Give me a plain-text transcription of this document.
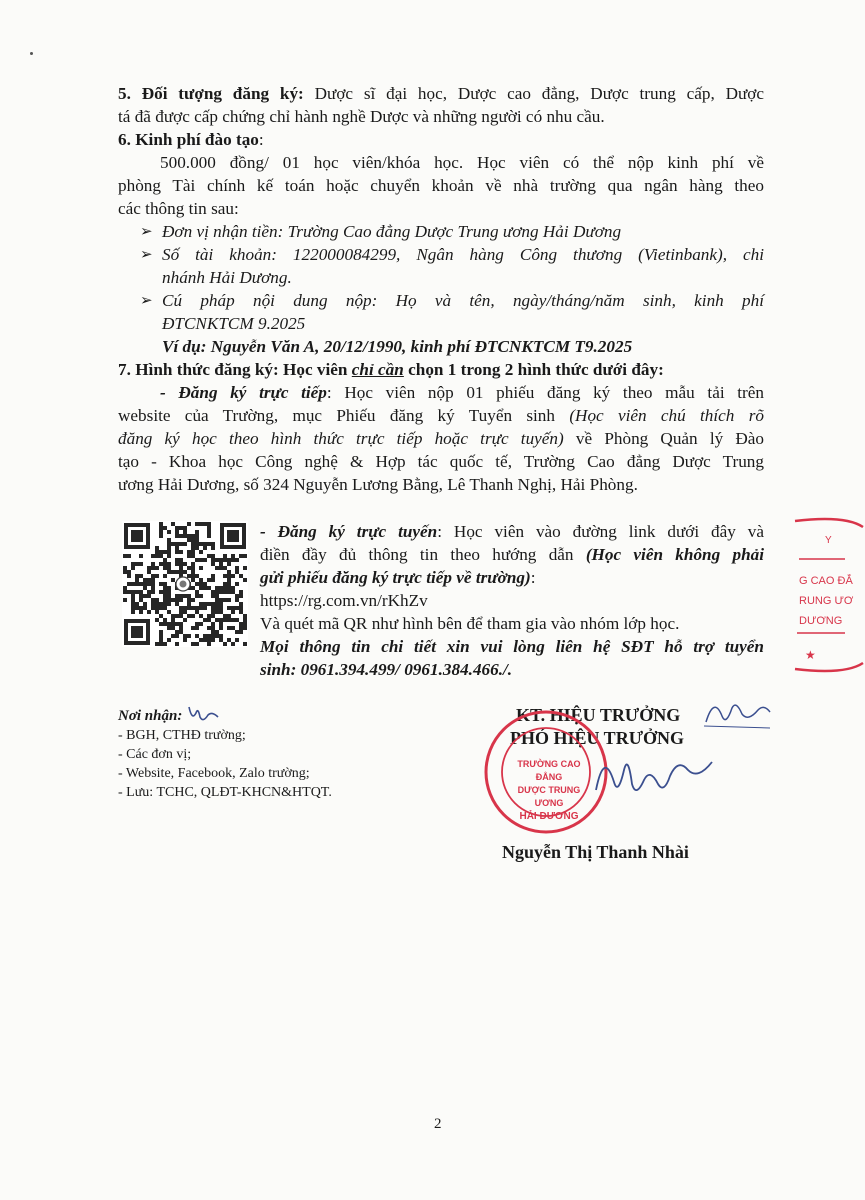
5. Đối tượng đăng ký: Dược sĩ đại học, Dược cao đẳng, Dược trung cấp, Dược
tá đã được cấp chứng chỉ hành nghề Dược và những người có nhu cầu.
6. Kinh phí đào tạo:
500.000 đồng/ 01 học viên/khóa học. Học viên có thể nộp kinh phí về
phòng Tài chính kế toán hoặc chuyển khoản về nhà trường qua ngân hàng theo
các thông tin sau:
➢ Đơn vị nhận tiền: Trường Cao đẳng Dược Trung ương Hải Dương
➢ Số tài khoản: 122000084299, Ngân hàng Công thương (Vietinbank), chi
nhánh Hải Dương.
➢ Cú pháp nội dung nộp: Họ và tên, ngày/tháng/năm sinh, kinh phí
ĐTCNKTCM 9.2025
Ví dụ: Nguyễn Văn A, 20/12/1990, kinh phí ĐTCNKTCM T9.2025
7. Hình thức đăng ký: Học viên chỉ cần chọn 1 trong 2 hình thức dưới đây:
- Đăng ký trực tiếp: Học viên nộp 01 phiếu đăng ký theo mẫu tải trên
website của Trường, mục Phiếu đăng ký Tuyển sinh (Học viên chú thích rõ
đăng ký học theo hình thức trực tiếp hoặc trực tuyến) về Phòng Quản lý Đào
tạo - Khoa học Công nghệ & Hợp tác quốc tế, Trường Cao đẳng Dược Trung
ương Hải Dương, số 324 Nguyễn Lương Bằng, Lê Thanh Nghị, Hải Phòng.
- Đăng ký trực tuyến: Học viên vào đường link dưới đây và
điền đầy đủ thông tin theo hướng dẫn (Học viên không phải
gửi phiếu đăng ký trực tiếp về trường):
https://rg.com.vn/rKhZv
Và quét mã QR như hình bên để tham gia vào nhóm lớp học.
Mọi thông tin chi tiết xin vui lòng liên hệ SĐT hỗ trợ tuyển
sinh: 0961.394.499/ 0961.384.466./.
Nơi nhận:
- BGH, CTHĐ trường;
- Các đơn vị;
- Website, Facebook, Zalo trường;
- Lưu: TCHC, QLĐT-KHCN&HTQT.
KT. HIỆU TRƯỞNG
PHÓ HIỆU TRƯỞNG
TRƯỜNG CAO ĐẲNG
DƯỢC TRUNG ƯƠNG
HẢI DƯƠNG
Nguyễn Thị Thanh Nhài
Y
★
G CAO ĐẲ
RUNG ƯƠ
DƯƠNG
2
